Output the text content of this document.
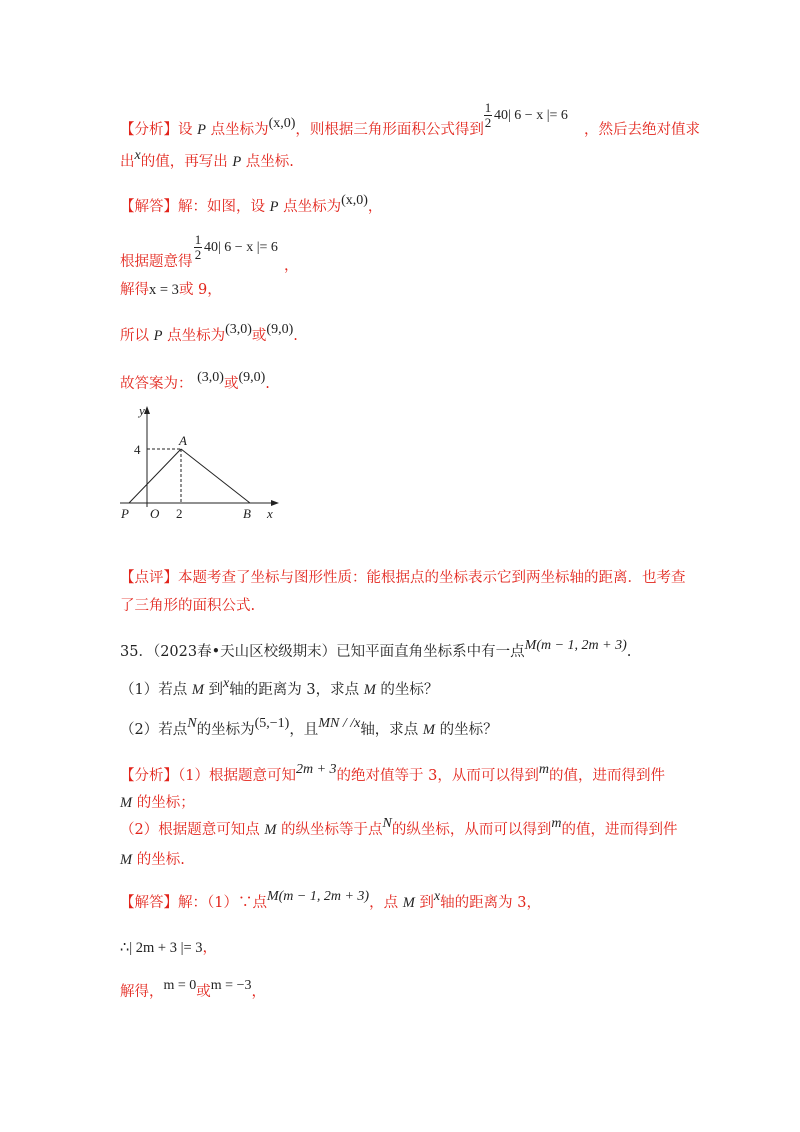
【分析】设 P 点坐标为(x,0)，则根据三角形面积公式得到
1
2 40| 6 − x |= 6
，然后去绝对值求
出x的值，再写出 P 点坐标.
【解答】解：如图，设 P 点坐标为(x,0)，
1
2 40| 6 − x |= 6
根据题意得	，
解得x = 3或 9，
所以 P 点坐标为(3,0)或(9,0).
故答案为： (3,0)或(9,0).
y
x
4
2
P O
A
B
【点评】本题考查了坐标与图形性质：能根据点的坐标表示它到两坐标轴的距离．也考查
了三角形的面积公式.
35．（2023春•天山区校级期末）已知平面直角坐标系中有一点M(m − 1, 2m + 3).
（1）若点 M 到x轴的距离为 3，求点 M 的坐标？
（2）若点N的坐标为(5,−1)，且MN / /x轴，求点 M 的坐标？
【分析】（1）根据题意可知2m + 3的绝对值等于 3，从而可以得到m的值，进而得到件
M 的坐标；
（2）根据题意可知点 M 的纵坐标等于点N的纵坐标，从而可以得到m的值，进而得到件
M 的坐标.
【解答】解：（1）∵点M(m − 1, 2m + 3)，点 M 到x轴的距离为 3，
∴| 2m + 3 |= 3，
解得，m = 0或m = −3，
